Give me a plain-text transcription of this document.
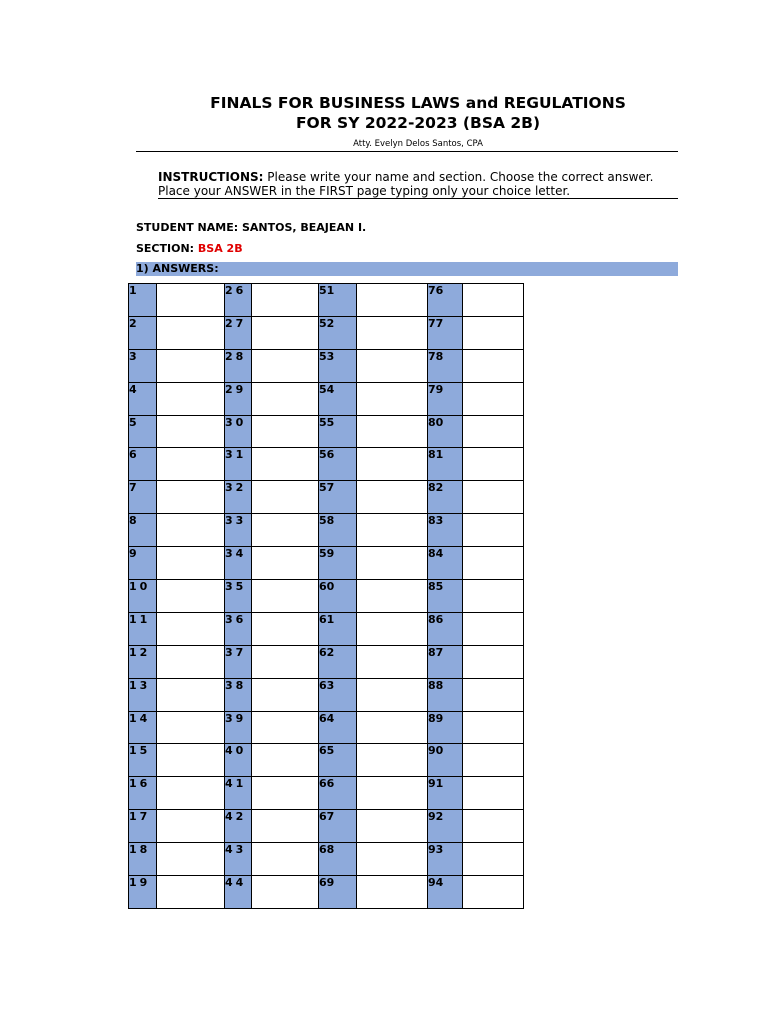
FINALS FOR BUSINESS LAWS and REGULATIONS
FOR SY 2022-2023 (BSA 2B)
Atty. Evelyn Delos Santos, CPA
INSTRUCTIONS: Please write your name and section. Choose the correct answer. Place your ANSWER in the FIRST page typing only your choice letter.
STUDENT NAME: SANTOS, BEAJEAN I.
SECTION: BSA 2B
1) ANSWERS:
1		26		51		76	
2		27		52		77	
3		28		53		78	
4		29		54		79	
5		30		55		80	
6		31		56		81	
7		32		57		82	
8		33		58		83	
9		34		59		84	
10		35		60		85	
11		36		61		86	
12		37		62		87	
13		38		63		88	
14		39		64		89	
15		40		65		90	
16		41		66		91	
17		42		67		92	
18		43		68		93	
19		44		69		94	
